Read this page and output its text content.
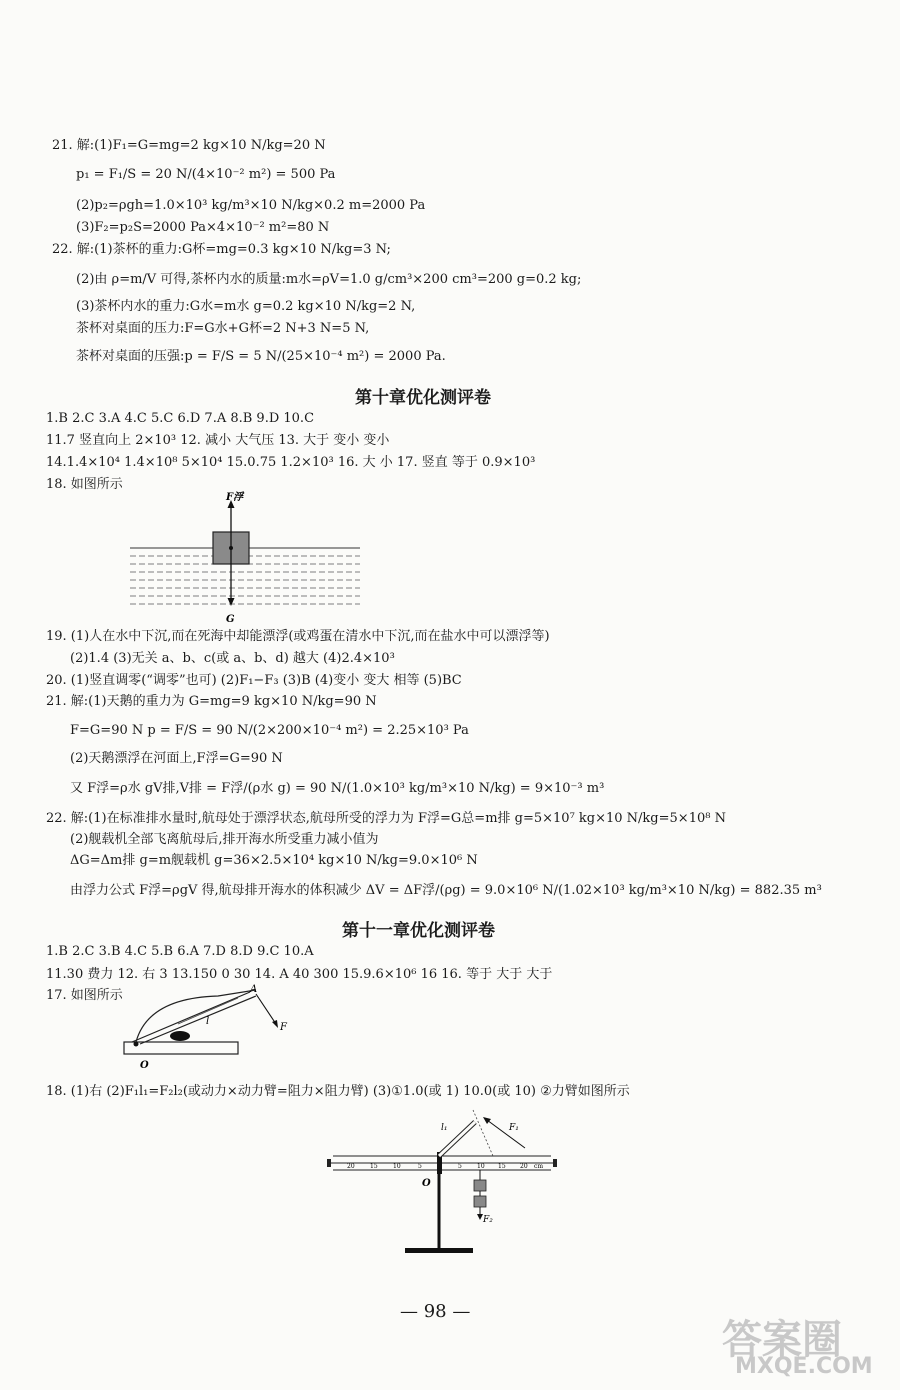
21. 解:(1)F₁=G=mg=2 kg×10 N/kg=20 N
p₁ = F₁/S = 20 N/(4×10⁻² m²) = 500 Pa
(2)p₂=ρgh=1.0×10³ kg/m³×10 N/kg×0.2 m=2000 Pa
(3)F₂=p₂S=2000 Pa×4×10⁻² m²=80 N
22. 解:(1)茶杯的重力:G杯=mg=0.3 kg×10 N/kg=3 N;
(2)由 ρ=m/V 可得,茶杯内水的质量:m水=ρV=1.0 g/cm³×200 cm³=200 g=0.2 kg;
(3)茶杯内水的重力:G水=m水 g=0.2 kg×10 N/kg=2 N,
茶杯对桌面的压力:F=G水+G杯=2 N+3 N=5 N,
茶杯对桌面的压强:p = F/S = 5 N/(25×10⁻⁴ m²) = 2000 Pa.
第十章优化测评卷
1.B 2.C 3.A 4.C 5.C 6.D 7.A 8.B 9.D 10.C
11.7 竖直向上 2×10³ 12. 减小 大气压 13. 大于 变小 变小
14.1.4×10⁴ 1.4×10⁸ 5×10⁴ 15.0.75 1.2×10³ 16. 大 小 17. 竖直 等于 0.9×10³
18. 如图所示
F浮
G
19. (1)人在水中下沉,而在死海中却能漂浮(或鸡蛋在清水中下沉,而在盐水中可以漂浮等)
(2)1.4 (3)无关 a、b、c(或 a、b、d) 越大 (4)2.4×10³
20. (1)竖直调零(“调零”也可) (2)F₁−F₃ (3)B (4)变小 变大 相等 (5)BC
21. 解:(1)天鹅的重力为 G=mg=9 kg×10 N/kg=90 N
F=G=90 N p = F/S = 90 N/(2×200×10⁻⁴ m²) = 2.25×10³ Pa
(2)天鹅漂浮在河面上,F浮=G=90 N
又 F浮=ρ水 gV排,V排 = F浮/(ρ水 g) = 90 N/(1.0×10³ kg/m³×10 N/kg) = 9×10⁻³ m³
22. 解:(1)在标准排水量时,航母处于漂浮状态,航母所受的浮力为 F浮=G总=m排 g=5×10⁷ kg×10 N/kg=5×10⁸ N
(2)舰载机全部飞离航母后,排开海水所受重力减小值为
ΔG=Δm排 g=m舰载机 g=36×2.5×10⁴ kg×10 N/kg=9.0×10⁶ N
由浮力公式 F浮=ρgV 得,航母排开海水的体积减少 ΔV = ΔF浮/(ρg) = 9.0×10⁶ N/(1.02×10³ kg/m³×10 N/kg) = 882.35 m³
第十一章优化测评卷
1.B 2.C 3.B 4.C 5.B 6.A 7.D 8.D 9.C 10.A
11.30 费力 12. 右 3 13.150 0 30 14. A 40 300 15.9.6×10⁶ 16 16. 等于 大于 大于
17. 如图所示	A
F
l
O
18. (1)右 (2)F₁l₁=F₂l₂(或动力×动力臂=阻力×阻力臂) (3)①1.0(或 1) 10.0(或 10) ②力臂如图所示
20	15	10	5	5	10 15 20 cm
l₁	F₁
O
F₂
— 98 —
答案圈
MXQE.COM
